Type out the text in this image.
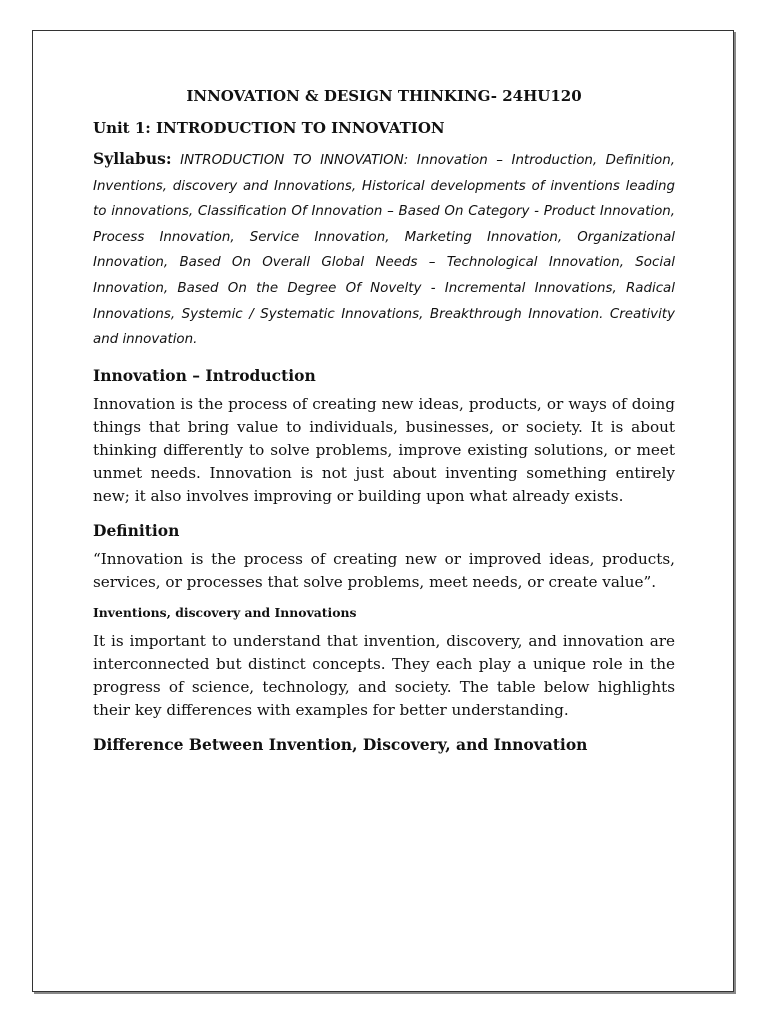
INNOVATION & DESIGN THINKING- 24HU120
Unit 1: INTRODUCTION TO INNOVATION

Syllabus: INTRODUCTION TO INNOVATION: Innovation – Introduction, Definition, Inventions, discovery and Innovations, Historical developments of inventions leading to innovations, Classification Of Innovation – Based On Category - Product Innovation, Process Innovation, Service Innovation, Marketing Innovation, Organizational Innovation, Based On Overall Global Needs – Technological Innovation, Social Innovation, Based On the Degree Of Novelty - Incremental Innovations, Radical Innovations, Systemic / Systematic Innovations, Breakthrough Innovation. Creativity and innovation.

Innovation – Introduction

Innovation is the process of creating new ideas, products, or ways of doing things that bring value to individuals, businesses, or society. It is about thinking differently to solve problems, improve existing solutions, or meet unmet needs. Innovation is not just about inventing something entirely new; it also involves improving or building upon what already exists.

Definition

“Innovation is the process of creating new or improved ideas, products, services, or processes that solve problems, meet needs, or create value”.

Inventions, discovery and Innovations

It is important to understand that invention, discovery, and innovation are interconnected but distinct concepts. They each play a unique role in the progress of science, technology, and society. The table below highlights their key differences with examples for better understanding.

Difference Between Invention, Discovery, and Innovation
